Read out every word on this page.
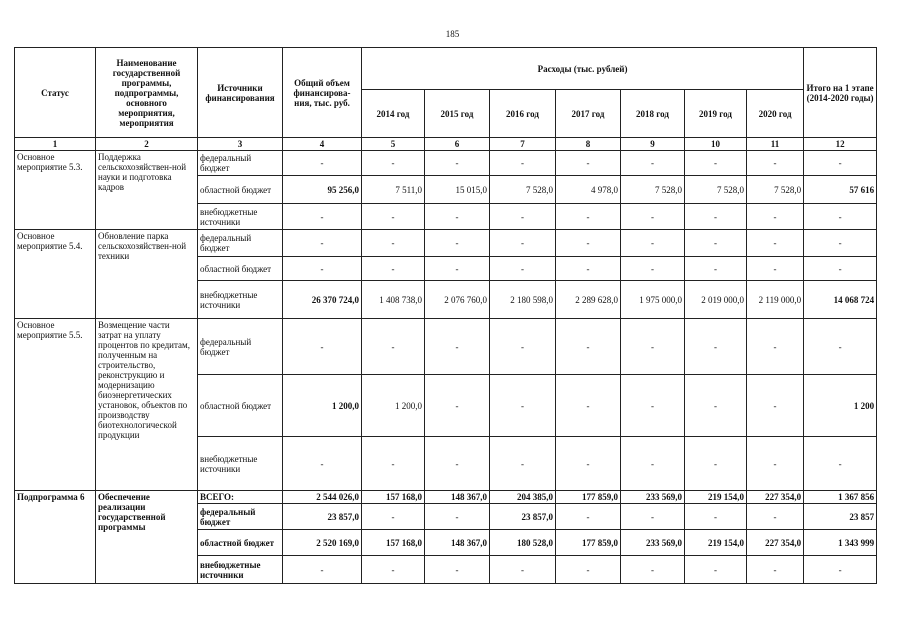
185
Статус	Наименование государственной программы, подпрограммы, основного мероприятия, мероприятия	Источники финансирования	Общий объем финансирова-ния, тыс. руб.	Расходы (тыс. рублей)							Итого на 1 этапе (2014-2020 годы)
				2014 год	2015 год	2016 год	2017 год	2018 год	2019 год	2020 год	
1	2	3	4	5	6	7	8	9	10	11	12
Основное мероприятие 5.3.	Поддержка сельскохозяйствен-ной науки и подготовка кадров	федеральный бюджет	-	-	-	-	-	-	-	-	-
		областной бюджет	95 256,0	7 511,0	15 015,0	7 528,0	4 978,0	7 528,0	7 528,0	7 528,0	57 616
		внебюджетные источники	-	-	-	-	-	-	-	-	-
Основное мероприятие 5.4.	Обновление парка сельскохозяйствен-ной техники	федеральный бюджет	-	-	-	-	-	-	-	-	-
		областной бюджет	-	-	-	-	-	-	-	-	-
		внебюджетные источники	26 370 724,0	1 408 738,0	2 076 760,0	2 180 598,0	2 289 628,0	1 975 000,0	2 019 000,0	2 119 000,0	14 068 724
Основное мероприятие 5.5.	Возмещение части затрат на уплату процентов по кредитам, полученным на строительство, реконструкцию и модернизацию биоэнергетических установок, объектов по производству биотехнологической продукции	федеральный бюджет	-	-	-	-	-	-	-	-	-
		областной бюджет	1 200,0	1 200,0	-	-	-	-	-	-	1 200
		внебюджетные источники	-	-	-	-	-	-	-	-	-
Подпрограмма 6	Обеспечение реализации государственной программы	ВСЕГО:	2 544 026,0	157 168,0	148 367,0	204 385,0	177 859,0	233 569,0	219 154,0	227 354,0	1 367 856
		федеральный бюджет	23 857,0	-	-	23 857,0	-	-	-	-	23 857
		областной бюджет	2 520 169,0	157 168,0	148 367,0	180 528,0	177 859,0	233 569,0	219 154,0	227 354,0	1 343 999
		внебюджетные источники	-	-	-	-	-	-	-	-	-
